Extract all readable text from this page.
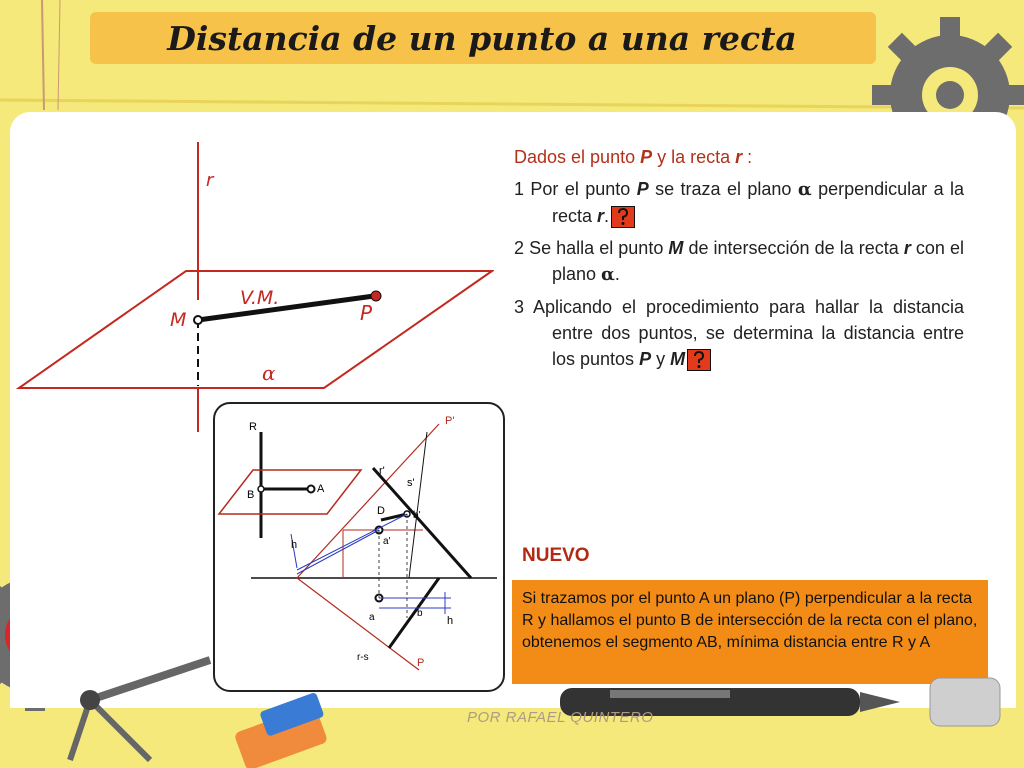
Distancia de un punto a una recta
r
V.M.
M	P
α
R
A
B
P'
r'
s'
D	b'
a'
h
b
h
a
r-s	P

Dados el punto P y la recta r :

1 Por el punto P se traza el plano α perpendicular a la recta r.

2 Se halla el punto M de intersección de la recta r con el plano α.

3 Aplicando el procedimiento para hallar la distancia entre dos puntos, se determina la distancia entre los puntos P y M

NUEVO
Si trazamos por el punto A un plano (P) perpendicular a la recta R y hallamos el punto B de intersección de la recta con el plano, obtenemos el segmento AB, mínima distancia entre R y A
POR RAFAEL QUINTERO
